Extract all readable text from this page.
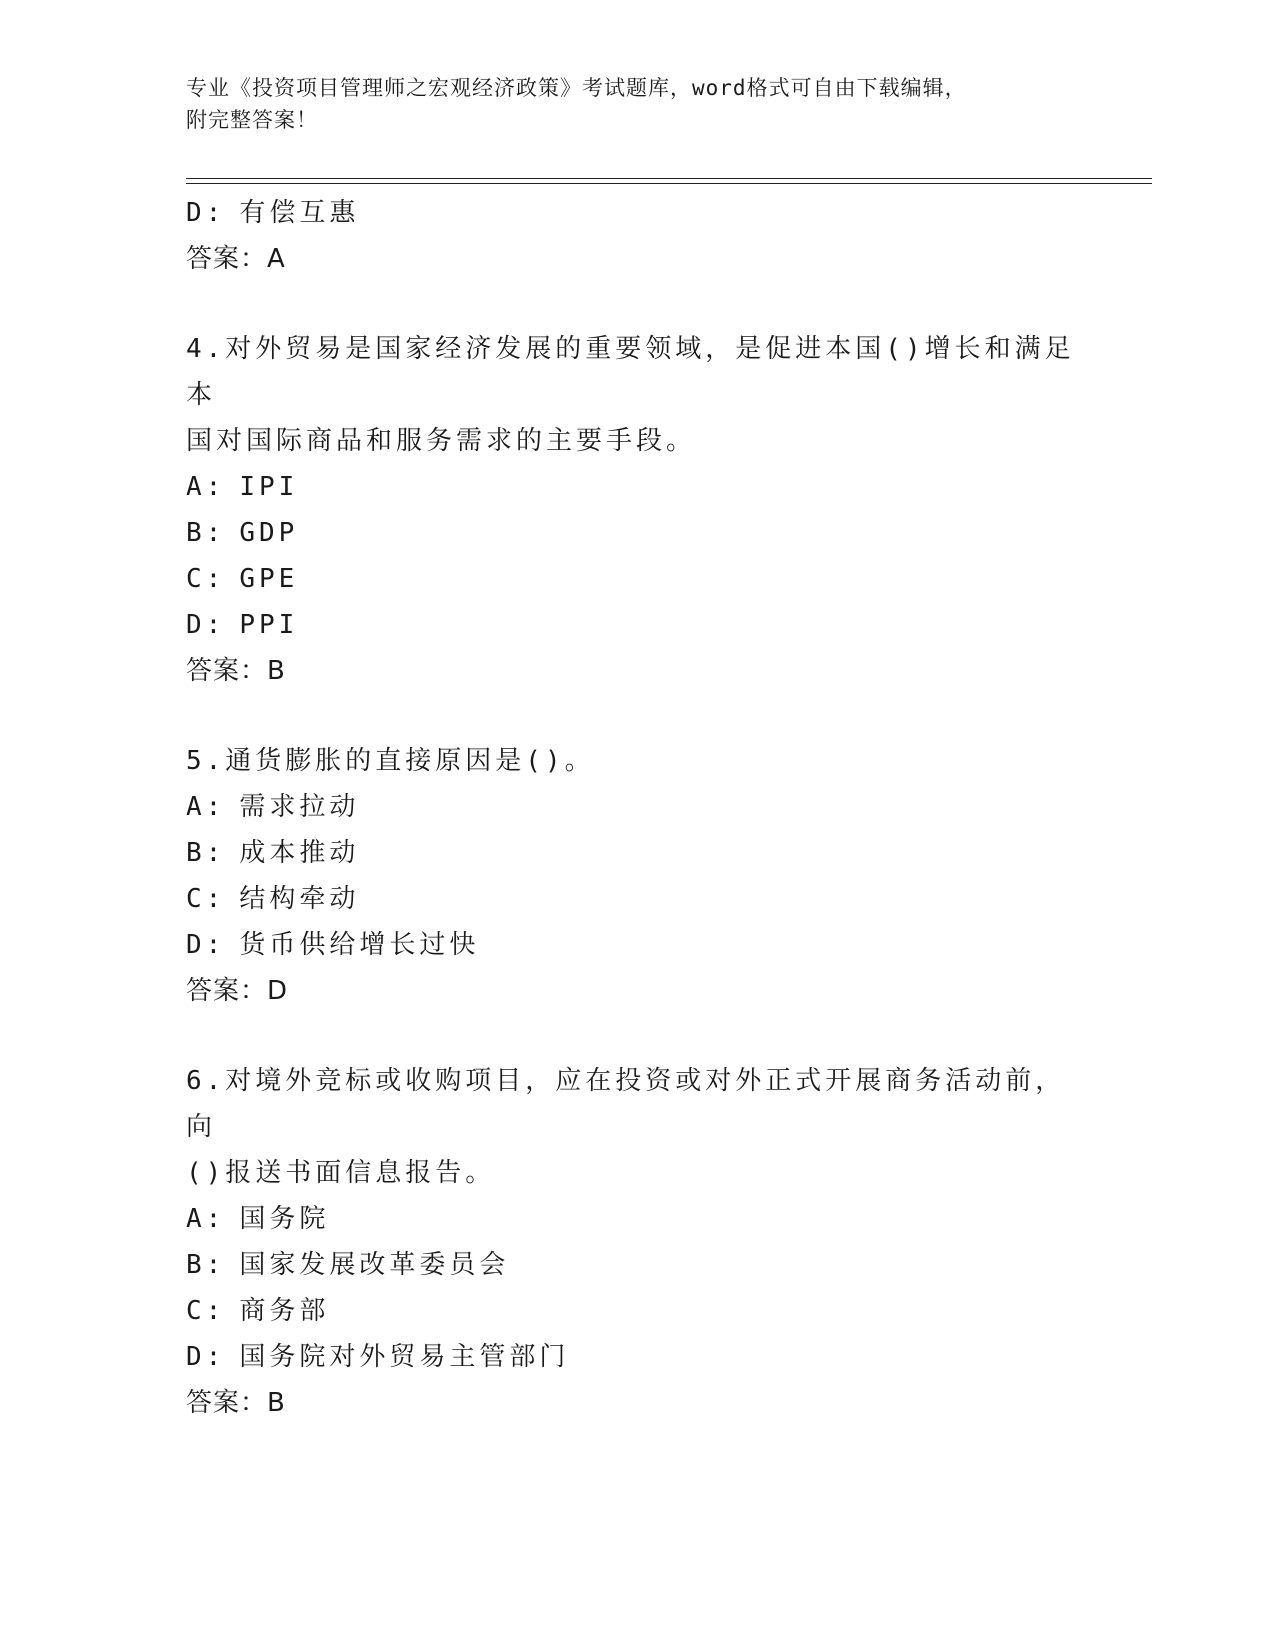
专业《投资项目管理师之宏观经济政策》考试题库，word格式可自由下载编辑，
附完整答案！
D: 有偿互惠
答案：A
4.对外贸易是国家经济发展的重要领域，是促进本国()增长和满足本
国对国际商品和服务需求的主要手段。
A: IPI
B: GDP
C: GPE
D: PPI
答案：B
5.通货膨胀的直接原因是()。
A: 需求拉动
B: 成本推动
C: 结构牵动
D: 货币供给增长过快
答案：D
6.对境外竞标或收购项目，应在投资或对外正式开展商务活动前，向
()报送书面信息报告。
A: 国务院
B: 国家发展改革委员会
C: 商务部
D: 国务院对外贸易主管部门
答案：B
